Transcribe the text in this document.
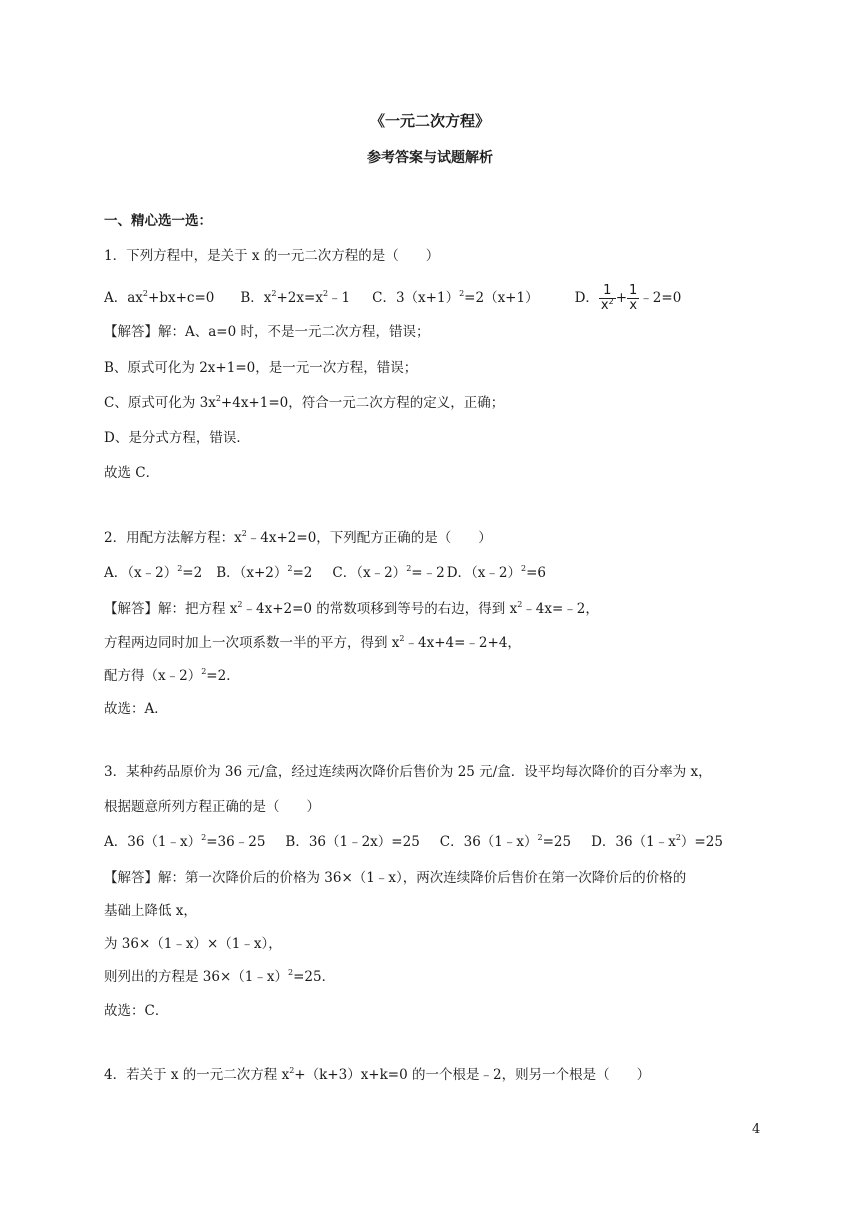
《一元二次方程》
参考答案与试题解析
一、精心选一选：
1．下列方程中，是关于 x 的一元二次方程的是（　　）
A．$ax^2+bx+c=0$ B．$x^2+2x=x^2﹣1$ C．$3(x+1)^2=2(x+1)$	D． $\frac{1}{x^2} + \frac{1}{x}$ ﹣2=0
【解答】解：A、a=0 时，不是一元二次方程，错误；
B、原式可化为 2x+1=0，是一元一次方程，错误；
C、原式可化为 $3x^2+4x+1=0$，符合一元二次方程的定义，正确；
D、是分式方程，错误．
故选 C．
2．用配方法解方程：$x^2﹣4x+2=0$，下列配方正确的是（　　）
A．（x﹣2）$^2$=2 B．$(x+2)^2=2$ C．（x﹣2）$^2$=﹣2 D．（x﹣2）$^2$=6
【解答】解：把方程 $x^2﹣4x+2=0$ 的常数项移到等号的右边，得到 $x^2﹣4x=﹣2$，
方程两边同时加上一次项系数一半的平方，得到 $x^2﹣4x+4=﹣2+4$，
配方得（x﹣2）$^2$=2．
故选：A．
3．某种药品原价为 36 元/盒，经过连续两次降价后售价为 25 元/盒．设平均每次降价的百分率为 x，
根据题意所列方程正确的是（　　）
A．36（1﹣x）$^2$=36﹣25 B．36（1﹣2x）=25 C．36（1﹣x）$^2$=25 D．$36(1﹣x^2)=25$
【解答】解：第一次降价后的价格为 36×（1﹣x），两次连续降价后售价在第一次降价后的价格的
基础上降低 x，
为 36×（1﹣x）×（1﹣x），
则列出的方程是 36×（1﹣x）$^2$=25．
故选：C．
4．若关于 x 的一元二次方程 $x^2+(k+3)x+k=0$ 的一个根是﹣2，则另一个根是（　　）
4
